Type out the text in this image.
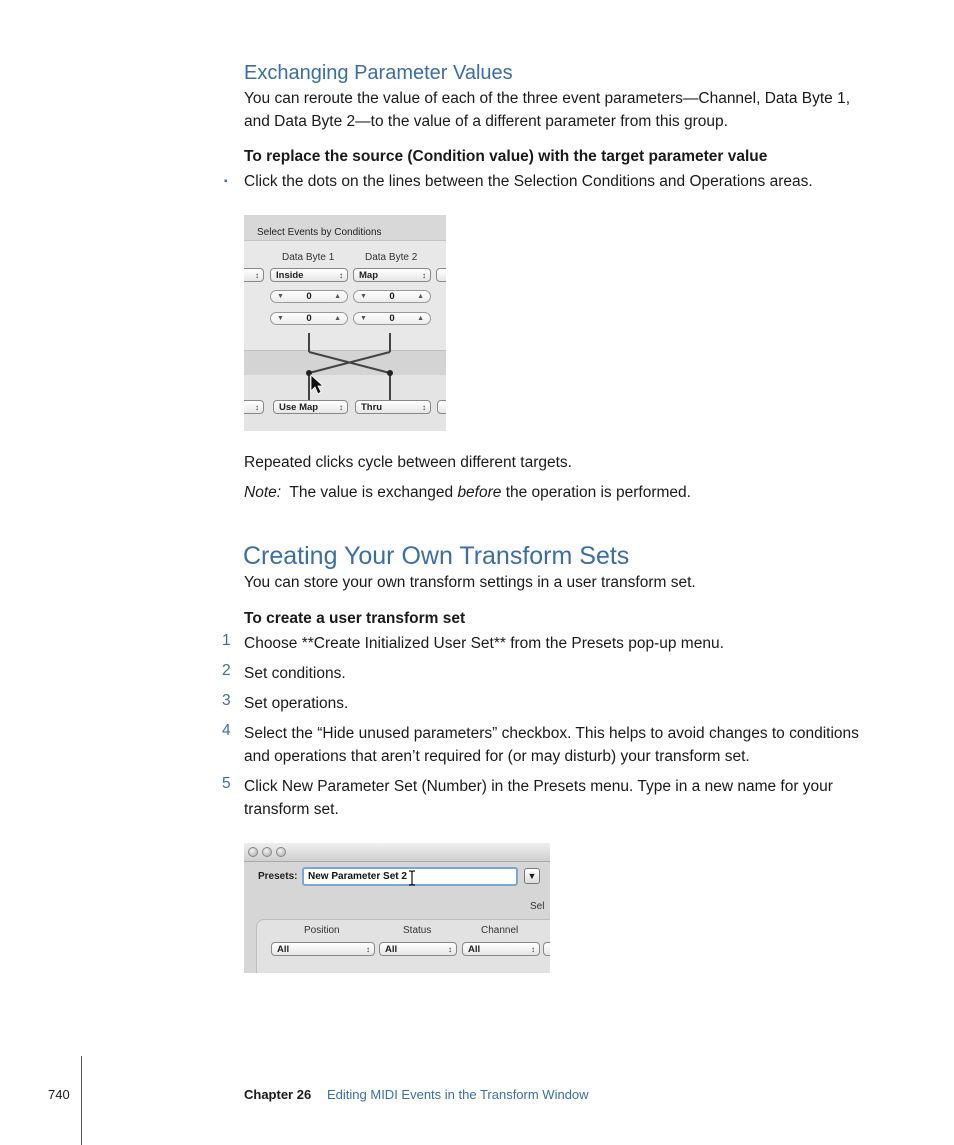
Exchanging Parameter Values
You can reroute the value of each of the three event parameters—Channel, Data Byte 1,
and Data Byte 2—to the value of a different parameter from this group.
To replace the source (Condition value) with the target parameter value
▪ Click the dots on the lines between the Selection Conditions and Operations areas.
Select Events by Conditions
Data Byte 1	Data Byte 2
↕	Inside	↕	Map	↕
▼ 0	▲	▼ 0	▲
▼ 0	▲	▼ 0	▲
↕	Use Map	↕	Thru	↕
Repeated clicks cycle between different targets.
Note: The value is exchanged before the operation is performed.
Creating Your Own Transform Sets
You can store your own transform settings in a user transform set.
To create a user transform set
1 Choose **Create Initialized User Set** from the Presets pop-up menu.
2 Set conditions.
3 Set operations.
4 Select the “Hide unused parameters” checkbox. This helps to avoid changes to conditions
and operations that aren’t required for (or may disturb) your transform set.
5 Click New Parameter Set (Number) in the Presets menu. Type in a new name for your
transform set.
Presets:	New Parameter Set 2	▼
Sel
Position	Status	Channel
All	↕	All	↕	All	↕
740	Chapter 26 Editing MIDI Events in the Transform Window
